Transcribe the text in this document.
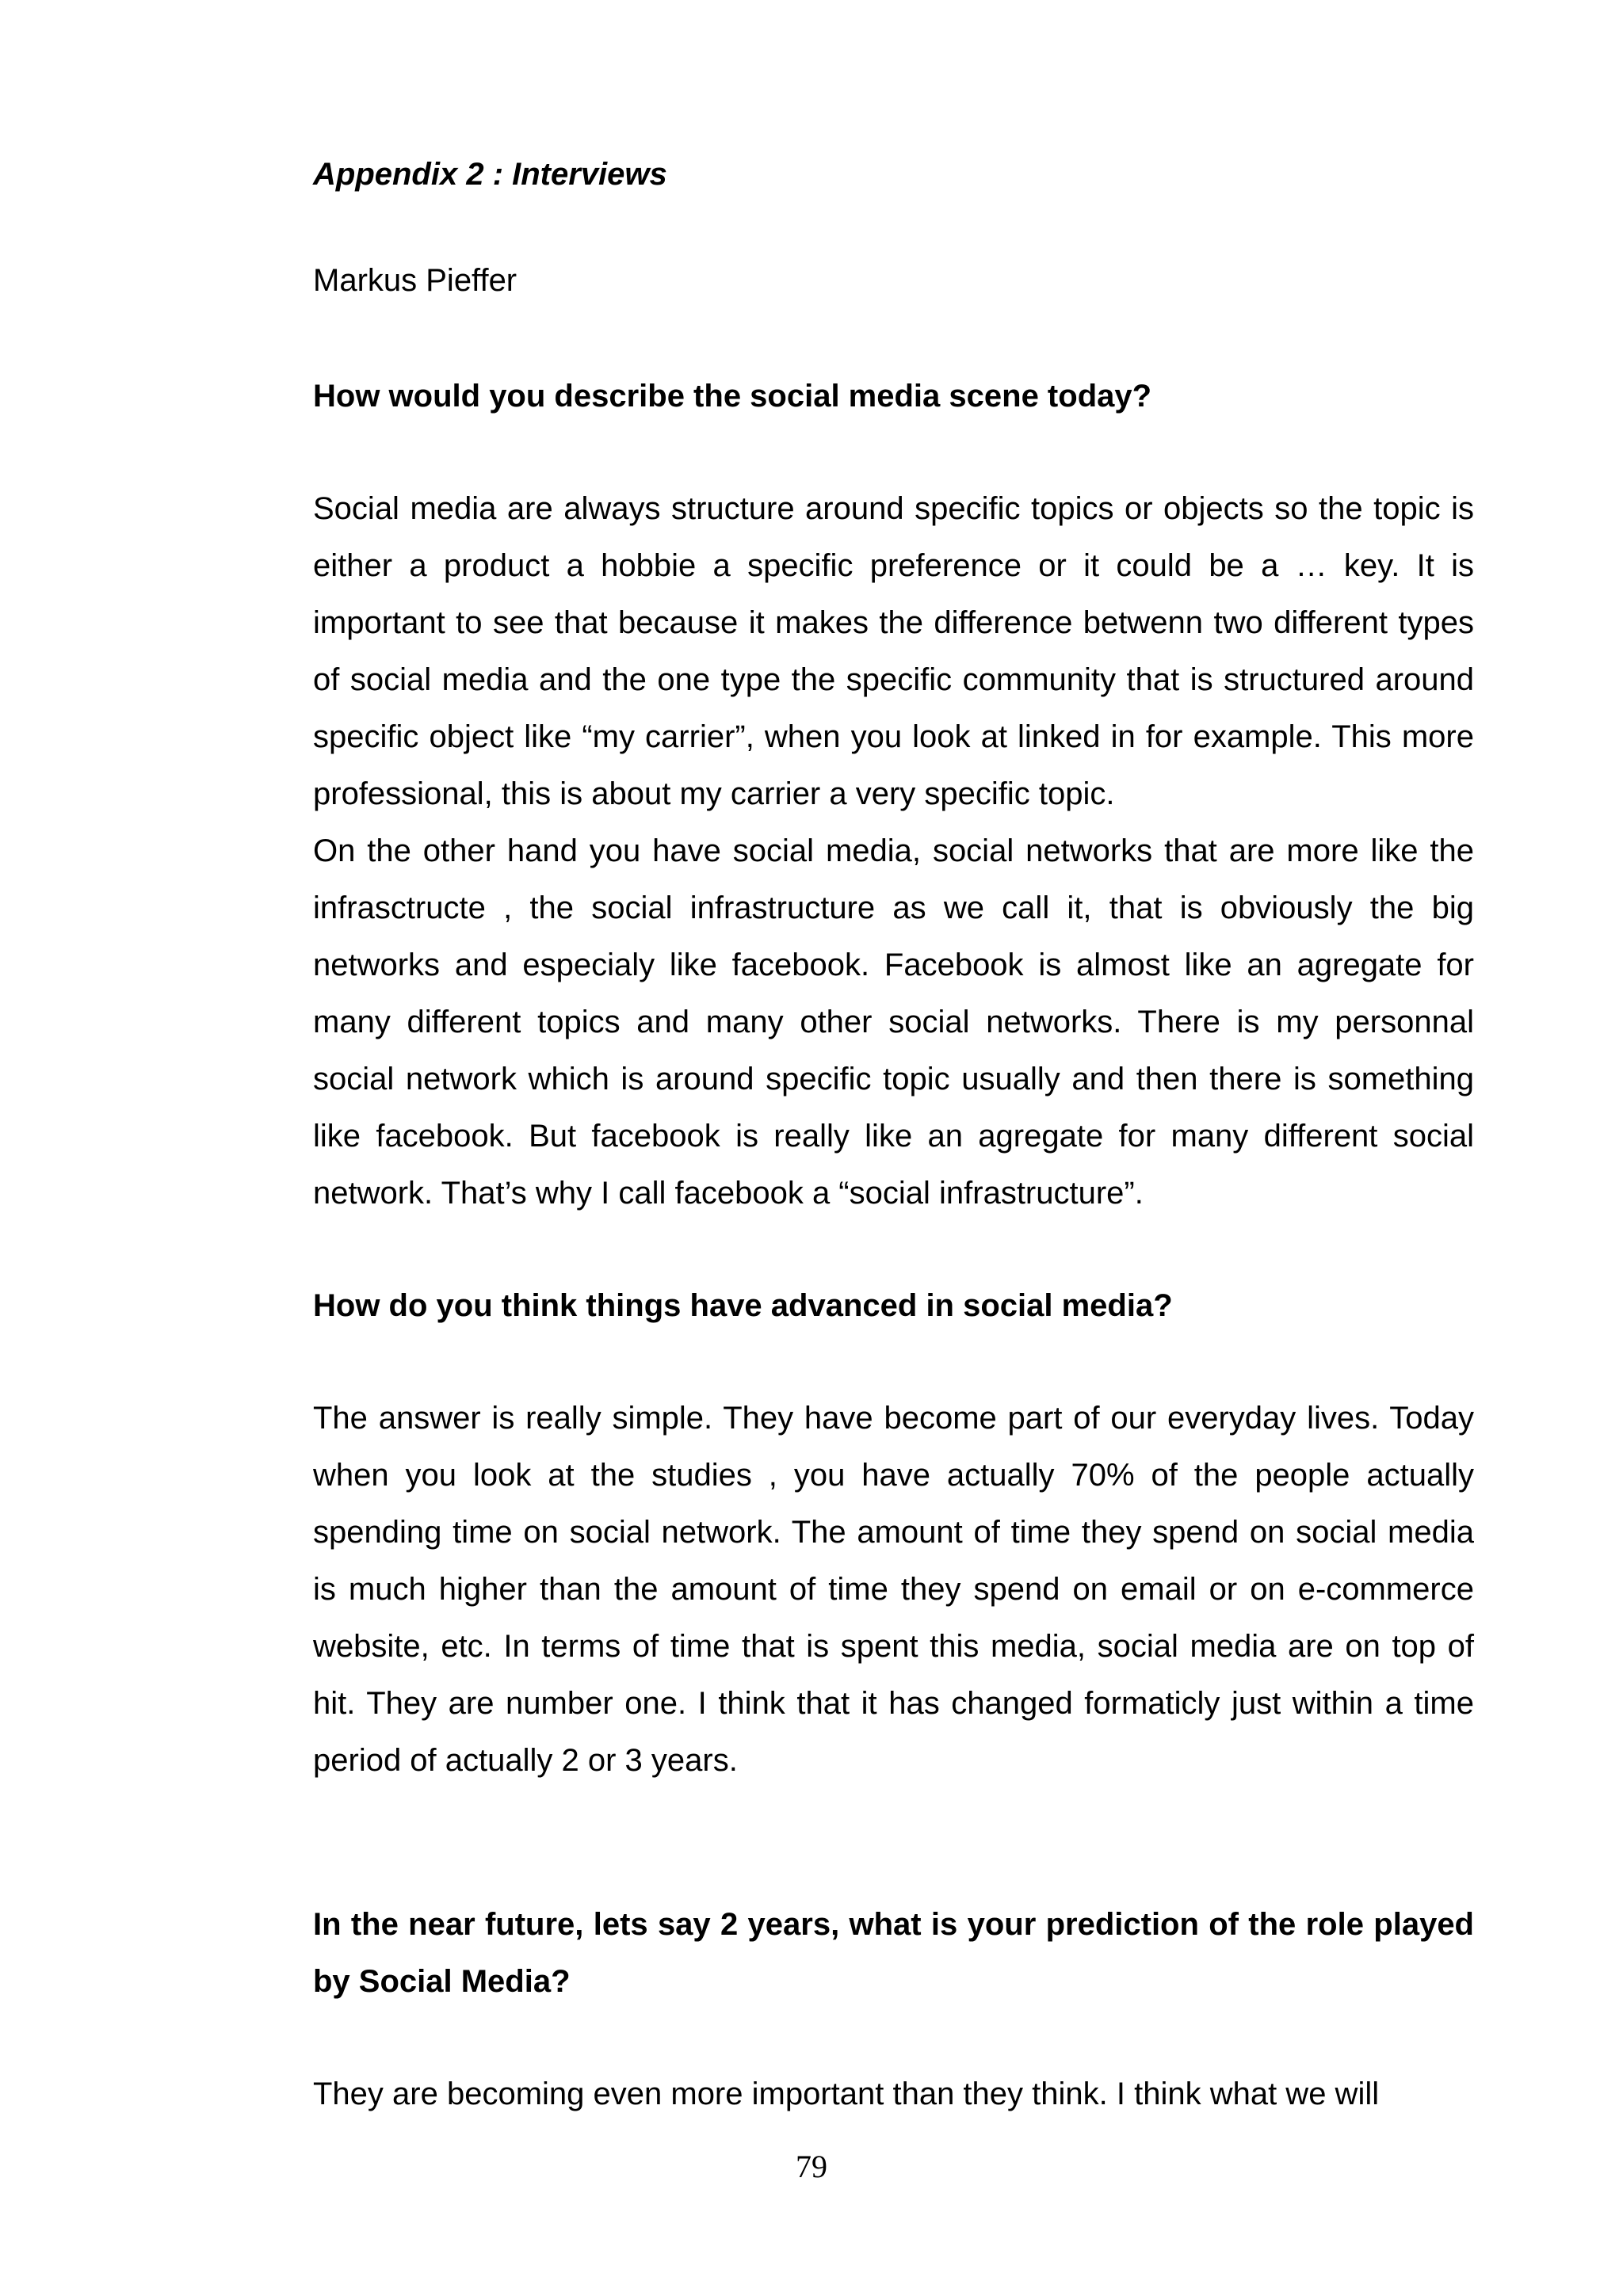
Appendix 2 : Interviews
Markus Pieffer
How would you describe the social media scene today?

Social media are always structure around specific topics or objects so the topic is either a product a hobbie a specific preference or it could be a … key. It is important to see that because it makes the difference betwenn two different types of social media and the one type the specific community that is structured around specific object like “my carrier”, when you look at linked in for example. This more professional, this is about my carrier a very specific topic.

On the other hand you have social media, social networks that are more like the infrasctructe , the social infrastructure as we call it, that is obviously the big networks and especialy like facebook. Facebook is almost like an agregate for many different topics and many other social networks. There is my personnal social network which is around specific topic usually and then there is something like facebook. But facebook is really like an agregate for many different social network. That’s why I call facebook a “social infrastructure”.

How do you think things have advanced in social media?

The answer is really simple. They have become part of our everyday lives. Today when you look at the studies , you have actually 70% of the people actually spending time on social network. The amount of time they spend on social media is much higher than the amount of time they spend on email or on e-commerce website, etc. In terms of time that is spent this media, social media are on top of hit. They are number one. I think that it has changed formaticly just within a time period of actually 2 or 3 years.

In the near future, lets say 2 years, what is your prediction of the role played by Social Media?

They are becoming even more important than they think. I think what we will

79
